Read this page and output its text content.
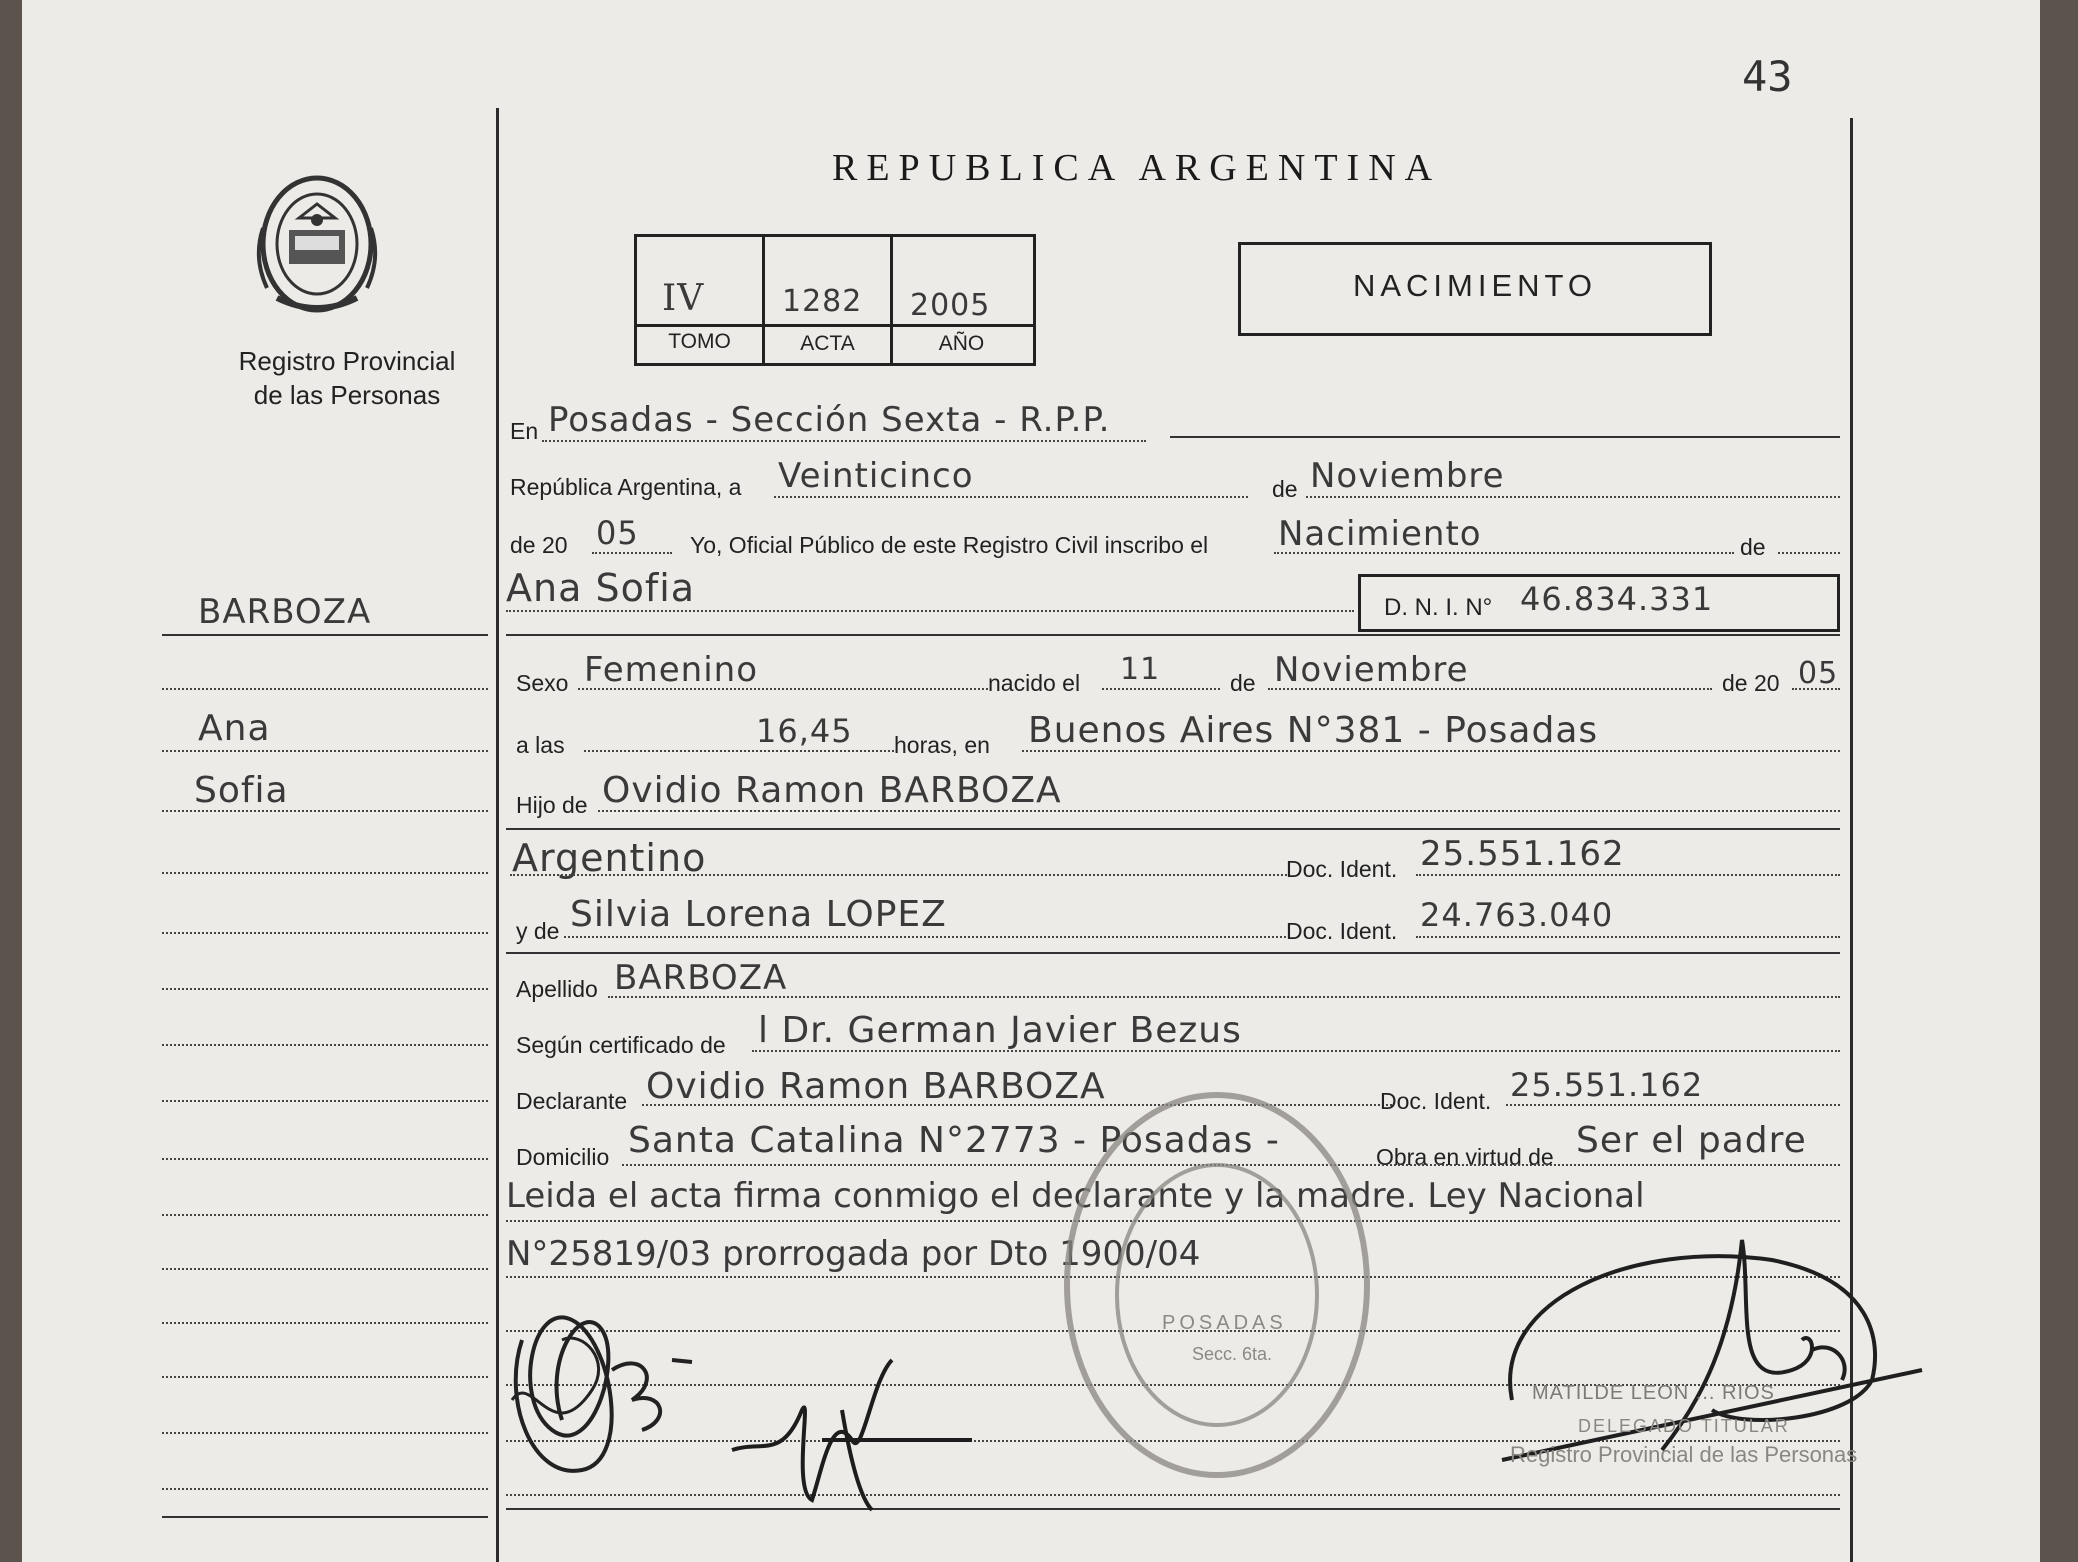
43
Registro Provincial
de las Personas
BARBOZA
Ana
Sofia
REPUBLICA ARGENTINA
IV	1282 2005
TOMO	ACTA	AÑO
NACIMIENTO
En Posadas - Sección Sexta - R.P.P.
República Argentina, a Veinticinco	de Noviembre
de 20 05 Yo, Oficial Público de este Registro Civil inscribo el Nacimiento	de
Ana Sofia	D. N. I. N° 46.834.331
Sexo Femenino	nacido el 11	de Noviembre	de 20 05
a las	16,45 horas, en Buenos Aires N°381 - Posadas
Hijo de Ovidio Ramon BARBOZA
Argentino	Doc. Ident. 25.551.162
y de Silvia Lorena LOPEZ	Doc. Ident. 24.763.040
Apellido BARBOZA
Según certificado de l Dr. German Javier Bezus
Declarante Ovidio Ramon BARBOZA	Doc. Ident. 25.551.162
Domicilio Santa Catalina N°2773 - Posadas -	Obra en virtud de Ser el padre
Leida el acta firma conmigo el declarante y la madre. Ley Nacional
N°25819/03 prorrogada por Dto 1900/04
POSADAS
Secc. 6ta.
MATILDE LEON ... RIOS
DELEGADO TITULAR
Registro Provincial de las Personas
